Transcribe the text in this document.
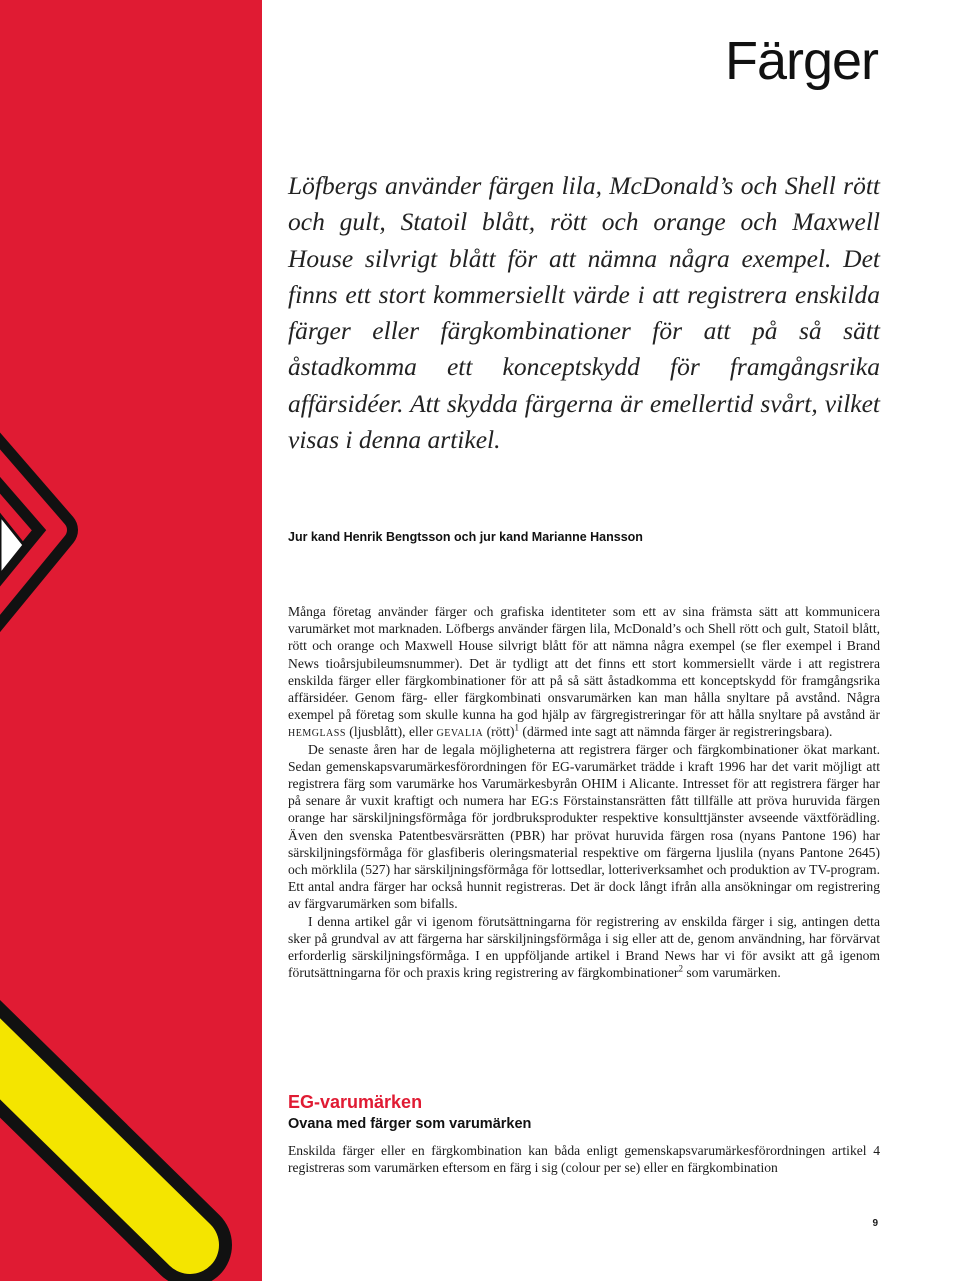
Färger

Löfbergs använder färgen lila, McDonald’s och Shell rött och gult, Statoil blått, rött och orange och Maxwell House silvrigt blått för att nämna några exempel. Det finns ett stort kommersiellt värde i att registrera enskilda färger eller färgkombinationer för att på så sätt åstadkomma ett konceptskydd för framgångsrika affärsidéer. Att skydda färgerna är emellertid svårt, vilket visas i denna artikel.

Jur kand Henrik Bengtsson och jur kand Marianne Hansson

Många företag använder färger och grafiska identiteter som ett av sina främsta sätt att kommunicera varumärket mot marknaden. Löfbergs använder färgen lila, McDonald’s och Shell rött och gult, Statoil blått, rött och orange och Maxwell House silvrigt blått för att nämna några exempel (se fler exempel i Brand News tioårsjubileumsnummer). Det är tydligt att det finns ett stort kommersiellt värde i att registrera enskilda färger eller färgkombinationer för att på så sätt åstadkomma ett konceptskydd för framgångsrika affärsidéer. Genom färg- eller färgkombinati onsvarumärken kan man hålla snyltare på avstånd. Några exempel på företag som skulle kunna ha god hjälp av färgregistreringar för att hålla snyltare på avstånd är hemglass (ljusblått), eller gevalia (rött)$^1$ (därmed inte sagt att nämnda färger är registreringsbara).

De senaste åren har de legala möjligheterna att registrera färger och färgkombinationer ökat markant. Sedan gemenskapsvarumärkesförordningen för EG-varumärket trädde i kraft 1996 har det varit möjligt att registrera färg som varumärke hos Varumärkesbyrån OHIM i Alicante. Intresset för att registrera färger har på senare år vuxit kraftigt och numera har EG:s Förstainstansrätten fått tillfälle att pröva huruvida färgen orange har särskiljningsförmåga för jordbruksprodukter respektive konsulttjänster avseende växtförädling. Även den svenska Patentbesvärsrätten (PBR) har prövat huruvida färgen rosa (nyans Pantone 196) har särskiljningsförmåga för glasfiberis oleringsmaterial respektive om färgerna ljuslila (nyans Pantone 2645) och mörklila (527) har särskiljningsförmåga för lottsedlar, lotteriverksamhet och produktion av TV-program. Ett antal andra färger har också hunnit registreras. Det är dock långt ifrån alla ansökningar om registrering av färgvarumärken som bifalls.

I denna artikel går vi igenom förutsättningarna för registrering av enskilda färger i sig, antingen detta sker på grundval av att färgerna har särskiljningsförmåga i sig eller att de, genom användning, har förvärvat erforderlig särskiljningsförmåga. I en uppföljande artikel i Brand News har vi för avsikt att gå igenom förutsättningarna för och praxis kring registrering av färgkombinationer$^2$ som varumärken.

EG-varumärken
Ovana med färger som varumärken

Enskilda färger eller en färgkombination kan båda enligt gemenskapsvarumärkesförordningen artikel 4 registreras som varumärken eftersom en färg i sig (colour per se) eller en färgkombination

9
